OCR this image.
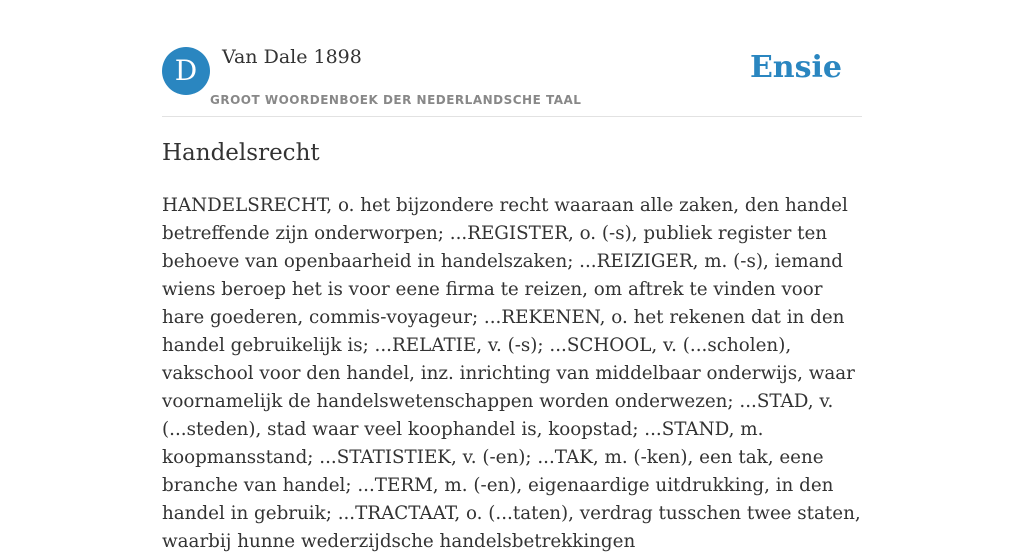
D	Van Dale 1898
GROOT WOORDENBOEK DER NEDERLANDSCHE TAAL
Ensie
Handelsrecht

HANDELSRECHT, o. het bijzondere recht waaraan alle zaken, den handel betreffende zijn onderworpen; ...REGISTER, o. (-s), publiek register ten behoeve van openbaarheid in handelszaken; ...REIZIGER, m. (-s), iemand wiens beroep het is voor eene firma te reizen, om aftrek te vinden voor hare goederen, commis-voyageur; ...REKENEN, o. het rekenen dat in den handel gebruikelijk is; ...RELATIE, v. (-s); ...SCHOOL, v. (...scholen), vakschool voor den handel, inz. inrichting van middelbaar onderwijs, waar voornamelijk de handelswetenschappen worden onderwezen; ...STAD, v. (...steden), stad waar veel koophandel is, koopstad; ...STAND, m. koopmansstand; ...STATISTIEK, v. (-en); ...TAK, m. (-ken), een tak, eene branche van handel; ...TERM, m. (-en), eigenaardige uitdrukking, in den handel in gebruik; ...TRACTAAT, o. (...taten), verdrag tusschen twee staten, waarbij hunne wederzijdsche handelsbetrekkingen
